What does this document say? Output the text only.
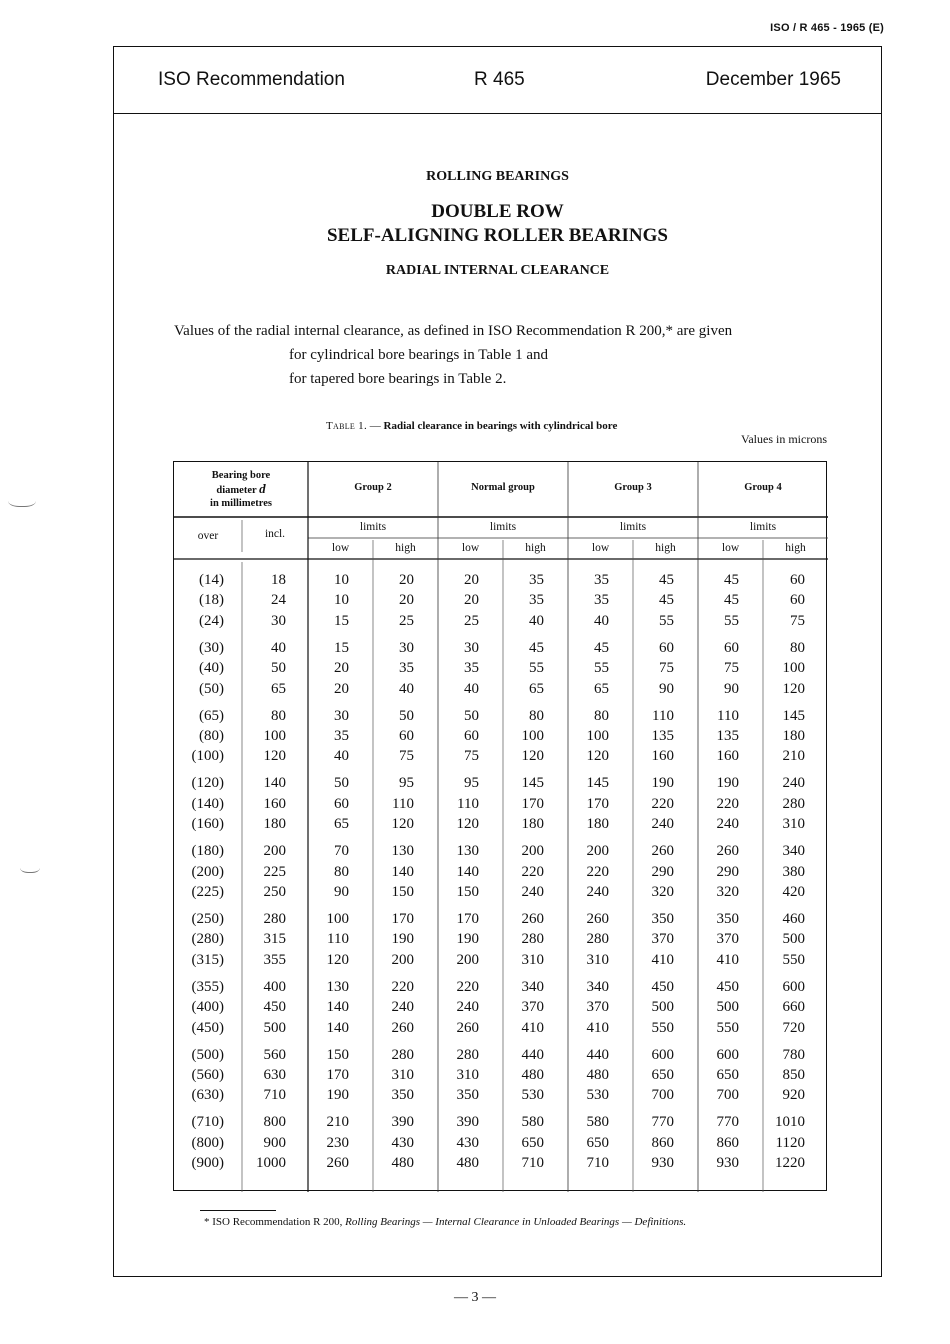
ISO / R 465 - 1965 (E)
ISO Recommendation	R 465	December 1965
ROLLING BEARINGS
DOUBLE ROW
SELF-ALIGNING ROLLER BEARINGS
RADIAL INTERNAL CLEARANCE
Values of the radial internal clearance, as defined in ISO Recommendation R 200,* are given
for cylindrical bore bearings in Table 1 and
for tapered bore bearings in Table 2.
Table 1. — Radial clearance in bearings with cylindrical bore
Values in microns
Bearing bore
diameter d
in millimetres
Group 2	Normal group	Group 3	Group 4
over	incl.
limits	limits	limits	limits
low	high	low	high	low	high	low	high
(14)	18	10	20	20	35	35	45	45	60
(18)	24	10	20	20	35	35	45	45	60
(24)	30	15	25	25	40	40	55	55	75
(30)	40	15	30	30	45	45	60	60	80
(40)	50	20	35	35	55	55	75	75	100
(50)	65	20	40	40	65	65	90	90	120
(65)	80	30	50	50	80	80	110	110	145
(80)	100	35	60	60	100	100	135	135	180
(100)	120	40	75	75	120	120	160	160	210
(120)	140	50	95	95	145	145	190	190	240
(140)	160	60	110	110	170	170	220	220	280
(160)	180	65	120	120	180	180	240	240	310
(180)	200	70	130	130	200	200	260	260	340
(200)	225	80	140	140	220	220	290	290	380
(225)	250	90	150	150	240	240	320	320	420
(250)	280	100	170	170	260	260	350	350	460
(280)	315	110	190	190	280	280	370	370	500
(315)	355	120	200	200	310	310	410	410	550
(355)	400	130	220	220	340	340	450	450	600
(400)	450	140	240	240	370	370	500	500	660
(450)	500	140	260	260	410	410	550	550	720
(500)	560	150	280	280	440	440	600	600	780
(560)	630	170	310	310	480	480	650	650	850
(630)	710	190	350	350	530	530	700	700	920
(710)	800	210	390	390	580	580	770	770	1010
(800)	900	230	430	430	650	650	860	860	1120
(900)	1000	260	480	480	710	710	930	930	1220
* ISO Recommendation R 200, Rolling Bearings — Internal Clearance in Unloaded Bearings — Definitions.
— 3 —
